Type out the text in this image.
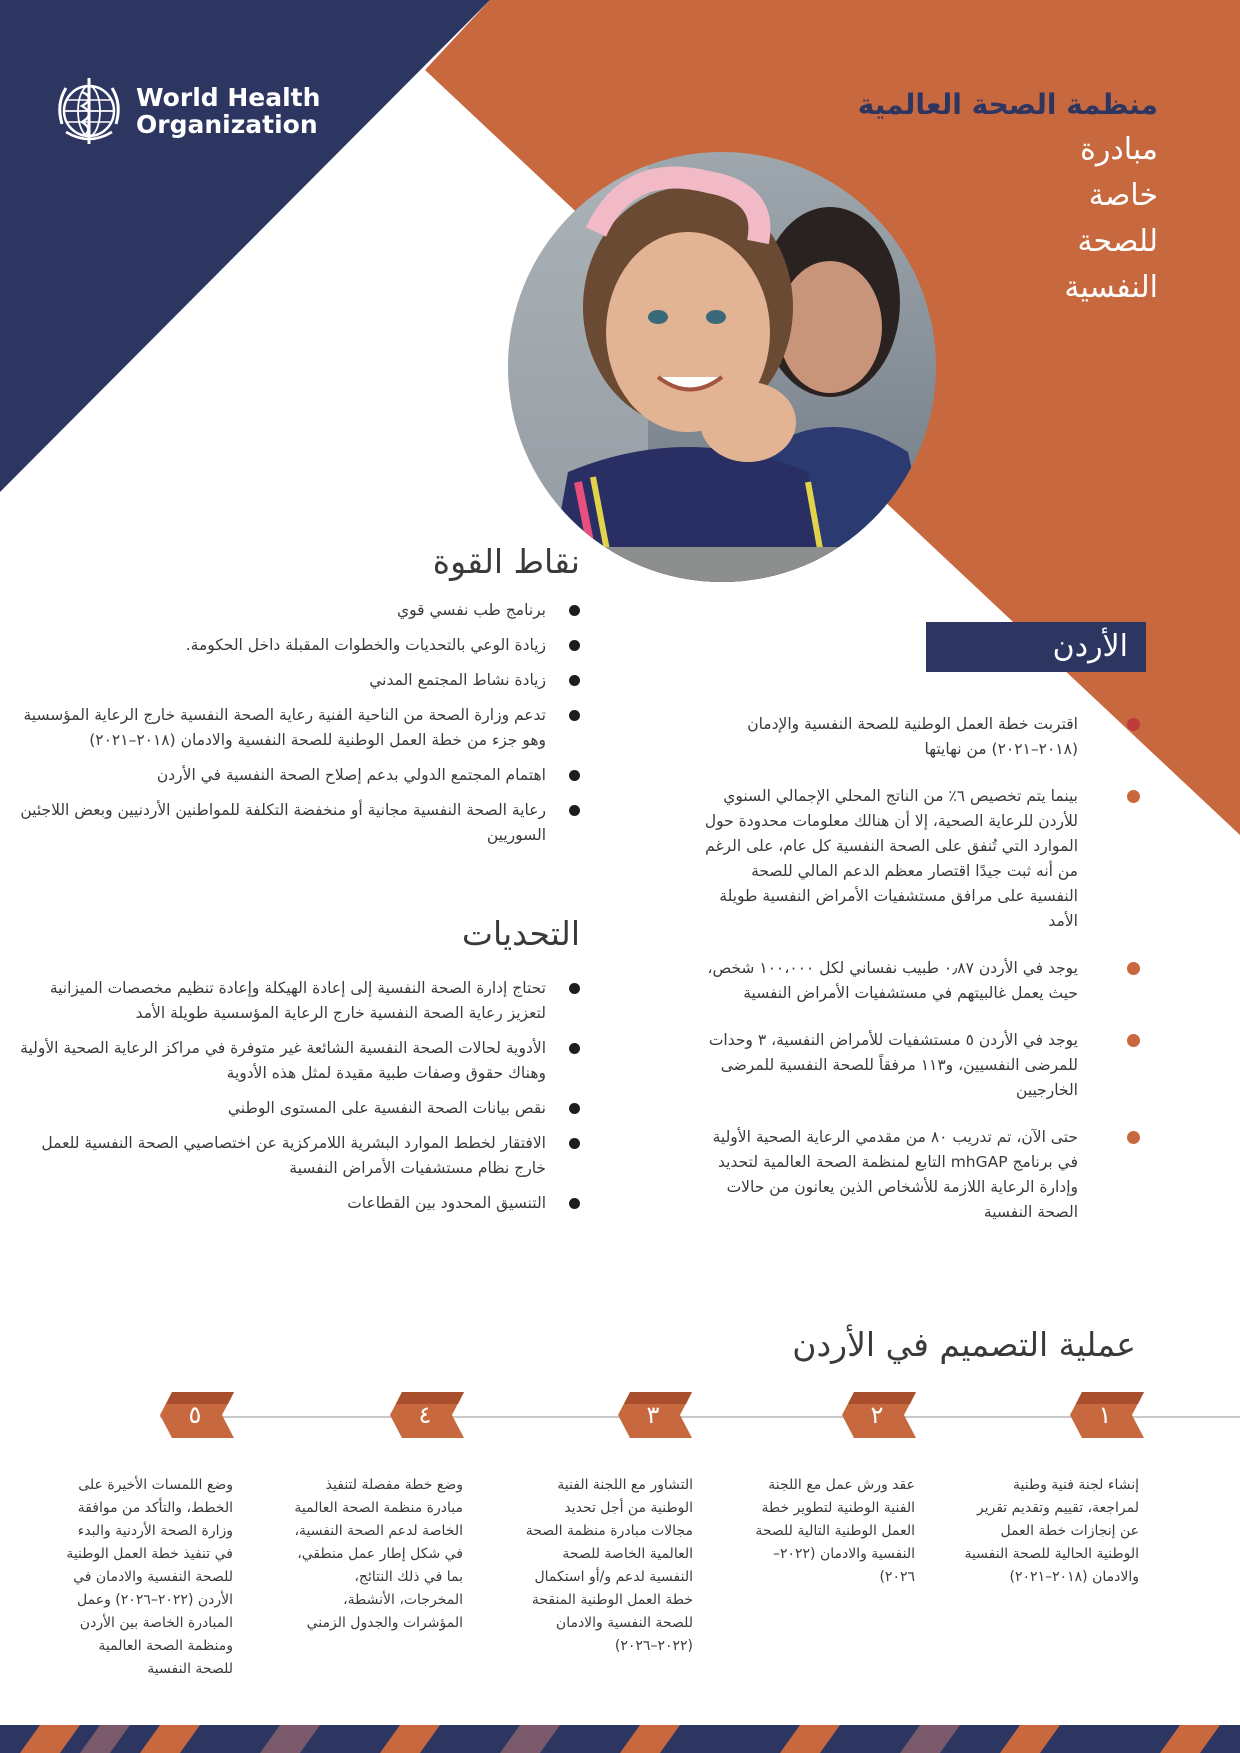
World Health
Organization
منظمة الصحة العالمية
مبادرة
خاصة
للصحة
النفسية
نقاط القوة
برنامج طب نفسي قوي
زيادة الوعي بالتحديات والخطوات المقبلة داخل الحكومة.
زيادة نشاط المجتمع المدني
تدعم وزارة الصحة من الناحية الفنية رعاية الصحة النفسية خارج الرعاية المؤسسية وهو جزء من خطة العمل الوطنية للصحة النفسية والادمان (٢٠١٨–٢٠٢١)
اهتمام المجتمع الدولي بدعم إصلاح الصحة النفسية في الأردن
رعاية الصحة النفسية مجانية أو منخفضة التكلفة للمواطنين الأردنيين وبعض اللاجئين السوريين
التحديات
تحتاج إدارة الصحة النفسية إلى إعادة الهيكلة وإعادة تنظيم مخصصات الميزانية لتعزيز رعاية الصحة النفسية خارج الرعاية المؤسسية طويلة الأمد
الأدوية لحالات الصحة النفسية الشائعة غير متوفرة في مراكز الرعاية الصحية الأولية وهناك حقوق وصفات طبية مقيدة لمثل هذه الأدوية
نقص بيانات الصحة النفسية على المستوى الوطني
الافتقار لخطط الموارد البشرية اللامركزية عن اختصاصيي الصحة النفسية للعمل خارج نظام مستشفيات الأمراض النفسية
التنسيق المحدود بين القطاعات
الأردن
اقتربت خطة العمل الوطنية للصحة النفسية والإدمان (٢٠١٨–٢٠٢١) من نهايتها
بينما يتم تخصيص ٦٪ من الناتج المحلي الإجمالي السنوي للأردن للرعاية الصحية، إلا أن هنالك معلومات محدودة حول الموارد التي تُنفق على الصحة النفسية كل عام، على الرغم من أنه ثبت جيدًا اقتصار معظم الدعم المالي للصحة النفسية على مرافق مستشفيات الأمراض النفسية طويلة الأمد
يوجد في الأردن ٠٫٨٧ طبيب نفساني لكل ١٠٠،٠٠٠ شخص، حيث يعمل غالبيتهم في مستشفيات الأمراض النفسية
يوجد في الأردن ٥ مستشفيات للأمراض النفسية، ٣ وحدات للمرضى النفسيين، و١١٣ مرفقاً للصحة النفسية للمرضى الخارجيين
حتى الآن، تم تدريب ٨٠ من مقدمي الرعاية الصحية الأولية في برنامج mhGAP التابع لمنظمة الصحة العالمية لتحديد وإدارة الرعاية اللازمة للأشخاص الذين يعانون من حالات الصحة النفسية
عملية التصميم في الأردن
١
٢
٣
٤
٥
إنشاء لجنة فنية وطنية لمراجعة، تقييم وتقديم تقرير عن إنجازات خطة العمل الوطنية الحالية للصحة النفسية والادمان (٢٠١٨–٢٠٢١)
عقد ورش عمل مع اللجنة الفنية الوطنية لتطوير خطة العمل الوطنية التالية للصحة النفسية والادمان (٢٠٢٢–٢٠٢٦)
التشاور مع اللجنة الفنية الوطنية من أجل تحديد مجالات مبادرة منظمة الصحة العالمية الخاصة للصحة النفسية لدعم و/أو استكمال خطة العمل الوطنية المنقحة للصحة النفسية والادمان (٢٠٢٢–٢٠٢٦)
وضع خطة مفصلة لتنفيذ مبادرة منظمة الصحة العالمية الخاصة لدعم الصحة النفسية، في شكل إطار عمل منطقي، بما في ذلك النتائج، المخرجات، الأنشطة، المؤشرات والجدول الزمني
وضع اللمسات الأخيرة على الخطط، والتأكد من موافقة وزارة الصحة الأردنية والبدء في تنفيذ خطة العمل الوطنية للصحة النفسية والادمان في الأردن (٢٠٢٢–٢٠٢٦) وعمل المبادرة الخاصة بين الأردن ومنظمة الصحة العالمية للصحة النفسية
